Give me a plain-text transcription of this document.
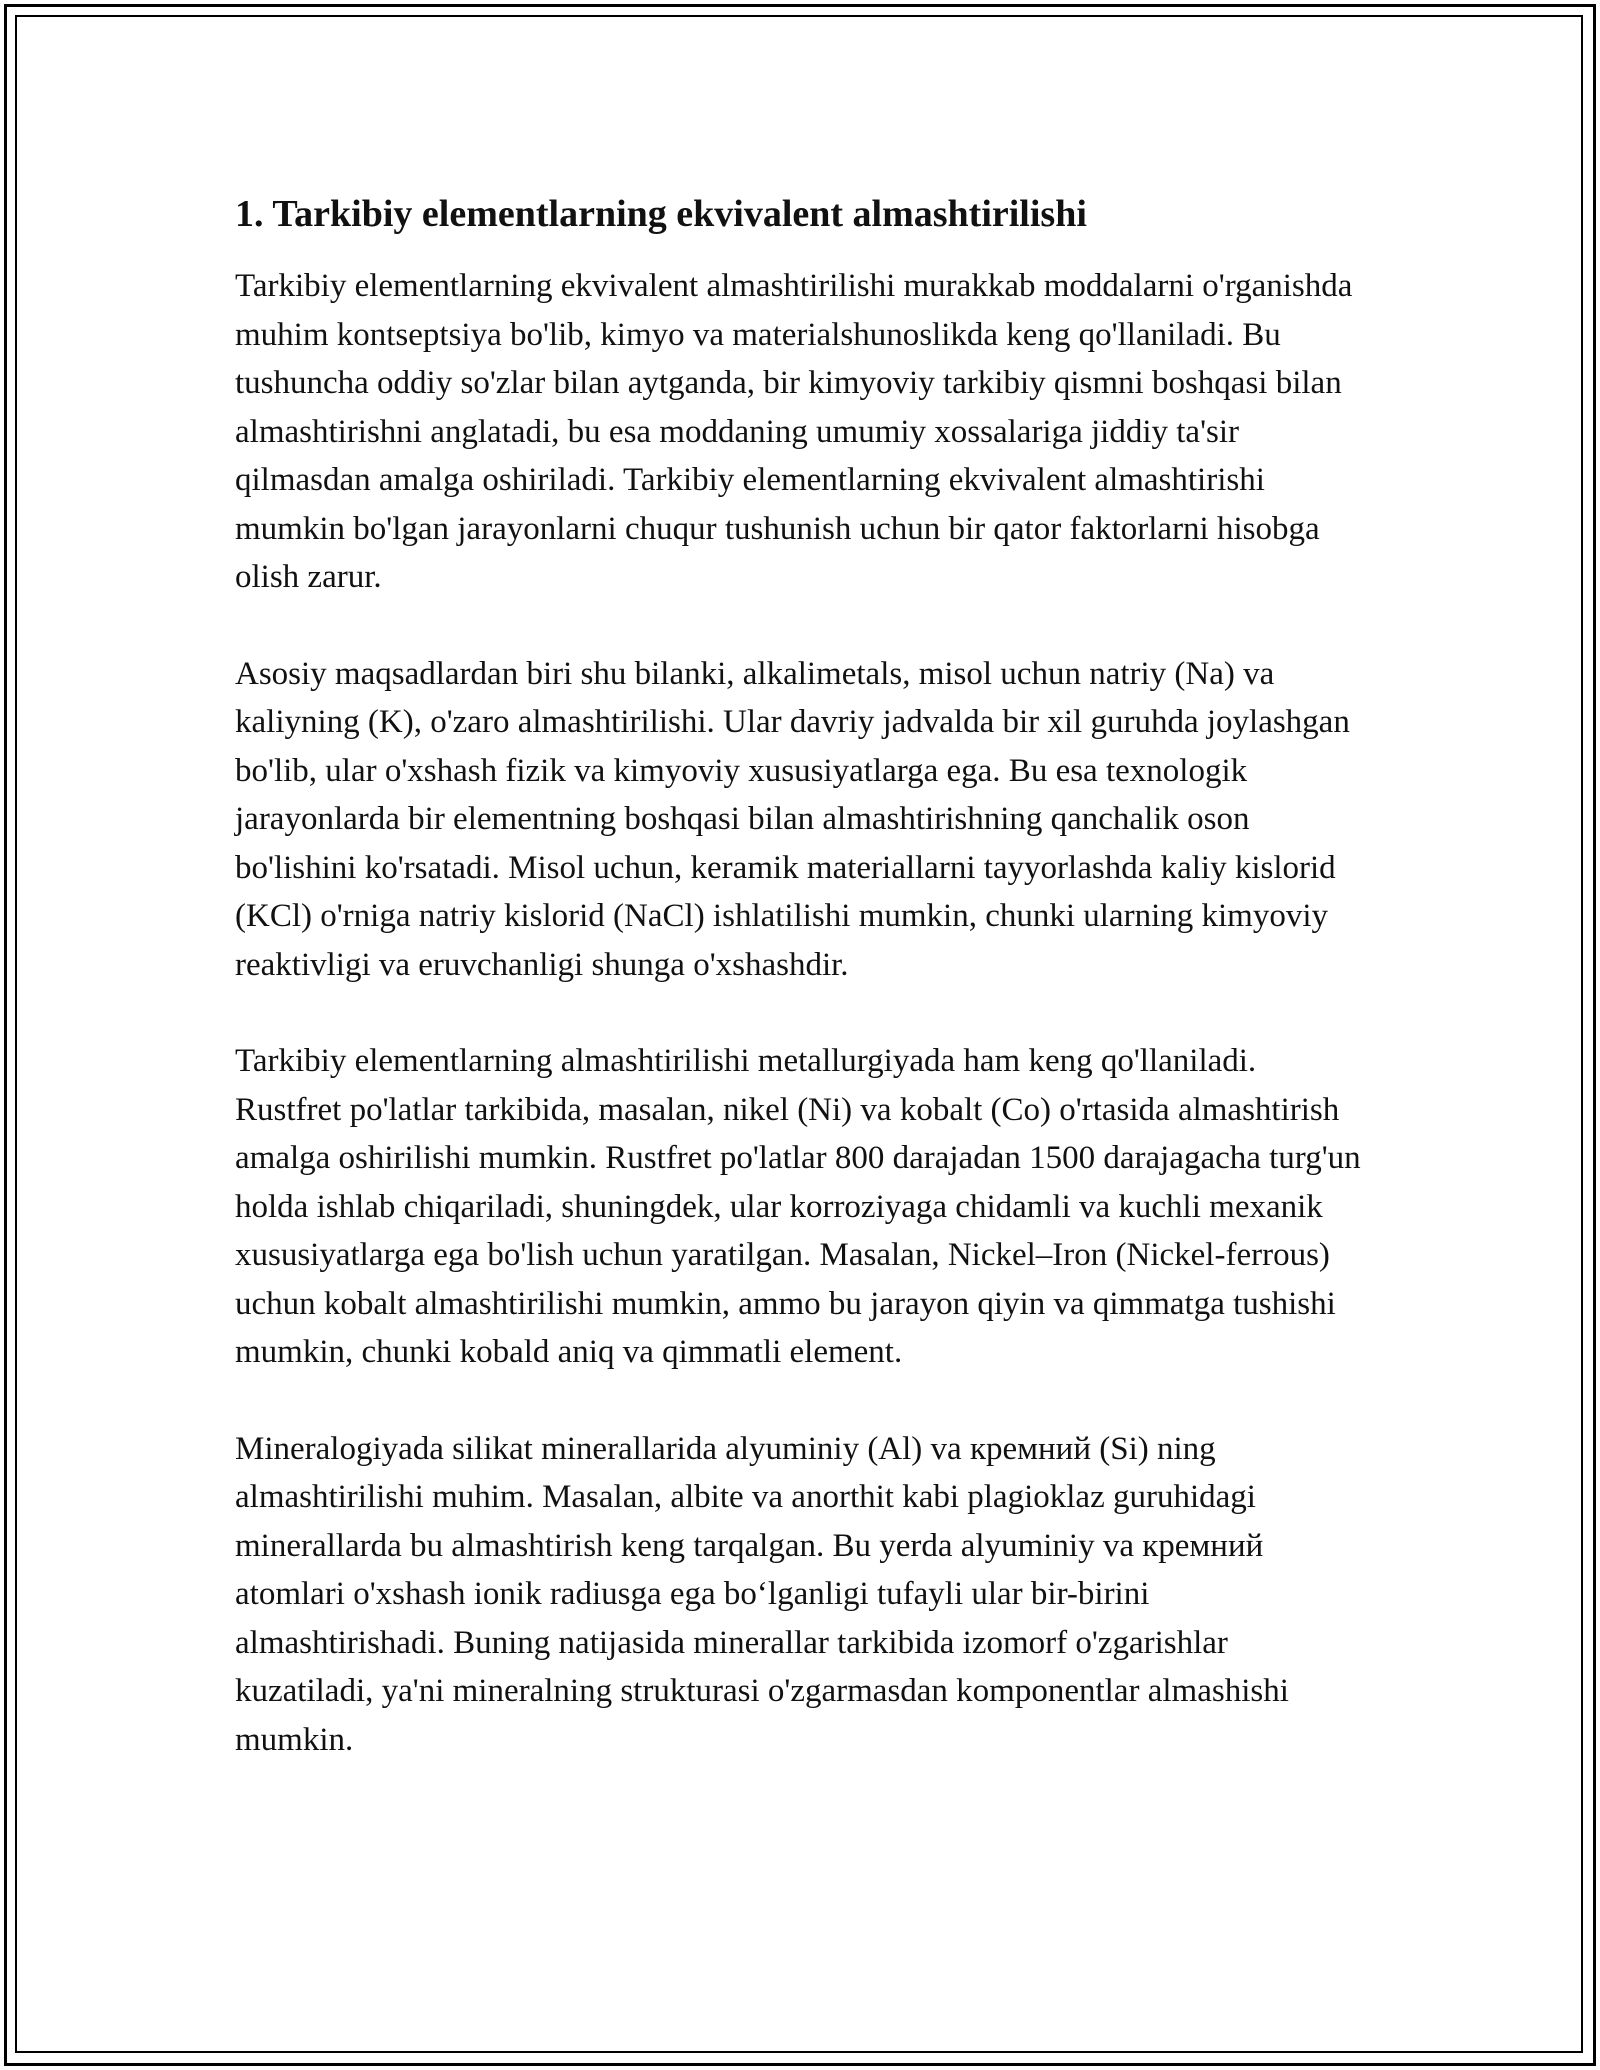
1. Tarkibiy elementlarning ekvivalent almashtirilishi

Tarkibiy elementlarning ekvivalent almashtirilishi murakkab moddalarni o'rganishda muhim kontseptsiya bo'lib, kimyo va materialshunoslikda keng qo'llaniladi. Bu tushuncha oddiy so'zlar bilan aytganda, bir kimyoviy tarkibiy qismni boshqasi bilan almashtirishni anglatadi, bu esa moddaning umumiy xossalariga jiddiy ta'sir qilmasdan amalga oshiriladi. Tarkibiy elementlarning ekvivalent almashtirishi mumkin bo'lgan jarayonlarni chuqur tushunish uchun bir qator faktorlarni hisobga olish zarur.

Asosiy maqsadlardan biri shu bilanki, alkalimetals, misol uchun natriy (Na) va kaliyning (K), o'zaro almashtirilishi. Ular davriy jadvalda bir xil guruhda joylashgan bo'lib, ular o'xshash fizik va kimyoviy xususiyatlarga ega. Bu esa texnologik jarayonlarda bir elementning boshqasi bilan almashtirishning qanchalik oson bo'lishini ko'rsatadi. Misol uchun, keramik materiallarni tayyorlashda kaliy kislorid (KCl) o'rniga natriy kislorid (NaCl) ishlatilishi mumkin, chunki ularning kimyoviy reaktivligi va eruvchanligi shunga o'xshashdir.

Tarkibiy elementlarning almashtirilishi metallurgiyada ham keng qo'llaniladi. Rustfret po'latlar tarkibida, masalan, nikel (Ni) va kobalt (Co) o'rtasida almashtirish amalga oshirilishi mumkin. Rustfret po'latlar 800 darajadan 1500 darajagacha turg'un holda ishlab chiqariladi, shuningdek, ular korroziyaga chidamli va kuchli mexanik xususiyatlarga ega bo'lish uchun yaratilgan. Masalan, Nickel–Iron (Nickel-ferrous) uchun kobalt almashtirilishi mumkin, ammo bu jarayon qiyin va qimmatga tushishi mumkin, chunki kobald aniq va qimmatli element.

Mineralogiyada silikat minerallarida alyuminiy (Al) va кремний (Si) ning almashtirilishi muhim. Masalan, albite va anorthit kabi plagioklaz guruhidagi minerallarda bu almashtirish keng tarqalgan. Bu yerda alyuminiy va кремний atomlari o'xshash ionik radiusga ega bo‘lganligi tufayli ular bir-birini almashtirishadi. Buning natijasida minerallar tarkibida izomorf o'zgarishlar kuzatiladi, ya'ni mineralning strukturasi o'zgarmasdan komponentlar almashishi mumkin.
